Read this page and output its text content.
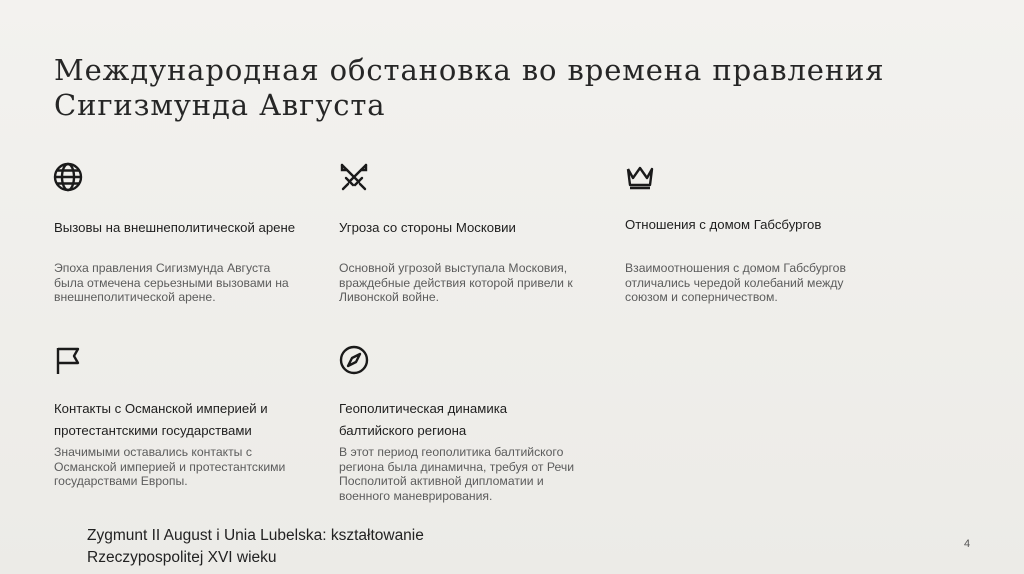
Международная обстановка во времена правления
Сигизмунда Августа
Вызовы на внешнеполитической арене
Эпоха правления Сигизмунда Августа
была отмечена серьезными вызовами на
внешнеполитической арене.
Угроза со стороны Московии
Основной угрозой выступала Московия,
враждебные действия которой привели к
Ливонской войне.
Отношения с домом Габсбургов
Взаимоотношения с домом Габсбургов
отличались чередой колебаний между
союзом и соперничеством.
Контакты с Османской империей и
протестантскими государствами
Значимыми оставались контакты с
Османской империей и протестантскими
государствами Европы.
Геополитическая динамика
балтийского региона
В этот период геополитика балтийского
региона была динамична, требуя от Речи
Посполитой активной дипломатии и
военного маневрирования.
Zygmunt II August i Unia Lubelska: kształtowanie
Rzeczypospolitej XVI wieku
4
